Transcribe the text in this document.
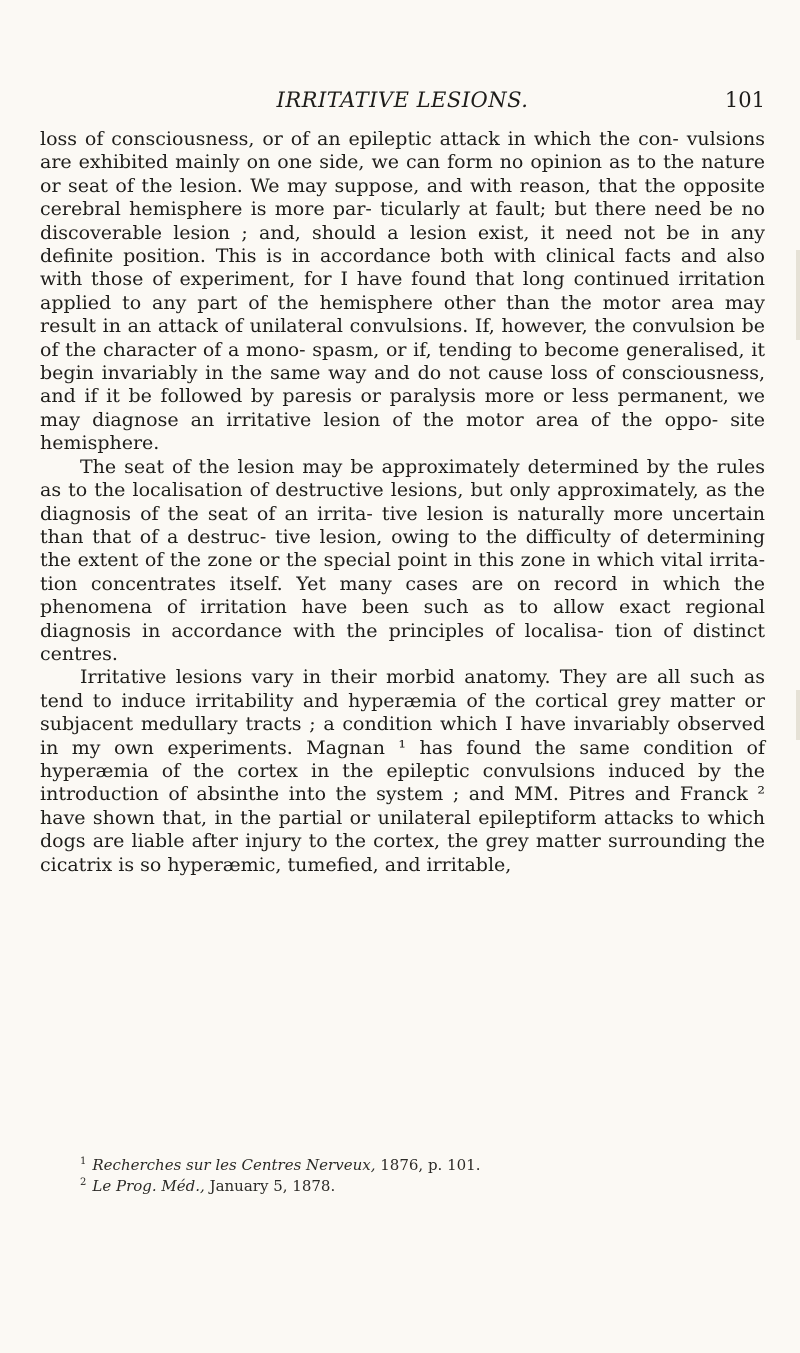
IRRITATIVE LESIONS.	101

loss of consciousness, or of an epileptic attack in which the con- vulsions are exhibited mainly on one side, we can form no opinion as to the nature or seat of the lesion. We may suppose, and with reason, that the opposite cerebral hemisphere is more par- ticularly at fault; but there need be no discoverable lesion ; and, should a lesion exist, it need not be in any definite position. This is in accordance both with clinical facts and also with those of experiment, for I have found that long continued irritation applied to any part of the hemisphere other than the motor area may result in an attack of unilateral convulsions. If, however, the convulsion be of the character of a mono- spasm, or if, tending to become generalised, it begin invariably in the same way and do not cause loss of consciousness, and if it be followed by paresis or paralysis more or less permanent, we may diagnose an irritative lesion of the motor area of the oppo- site hemisphere.

The seat of the lesion may be approximately determined by the rules as to the localisation of destructive lesions, but only approximately, as the diagnosis of the seat of an irrita- tive lesion is naturally more uncertain than that of a destruc- tive lesion, owing to the difficulty of determining the extent of the zone or the special point in this zone in which vital irrita- tion concentrates itself. Yet many cases are on record in which the phenomena of irritation have been such as to allow exact regional diagnosis in accordance with the principles of localisa- tion of distinct centres.

Irritative lesions vary in their morbid anatomy. They are all such as tend to induce irritability and hyperæmia of the cortical grey matter or subjacent medullary tracts ; a condition which I have invariably observed in my own experiments. Magnan ¹ has found the same condition of hyperæmia of the cortex in the epileptic convulsions induced by the introduction of absinthe into the system ; and MM. Pitres and Franck ² have shown that, in the partial or unilateral epileptiform attacks to which dogs are liable after injury to the cortex, the grey matter surrounding the cicatrix is so hyperæmic, tumefied, and irritable,

$^1$ Recherches sur les Centres Nerveux, 1876, p. 101.
$^2$ Le Prog. Méd., January 5, 1878.
